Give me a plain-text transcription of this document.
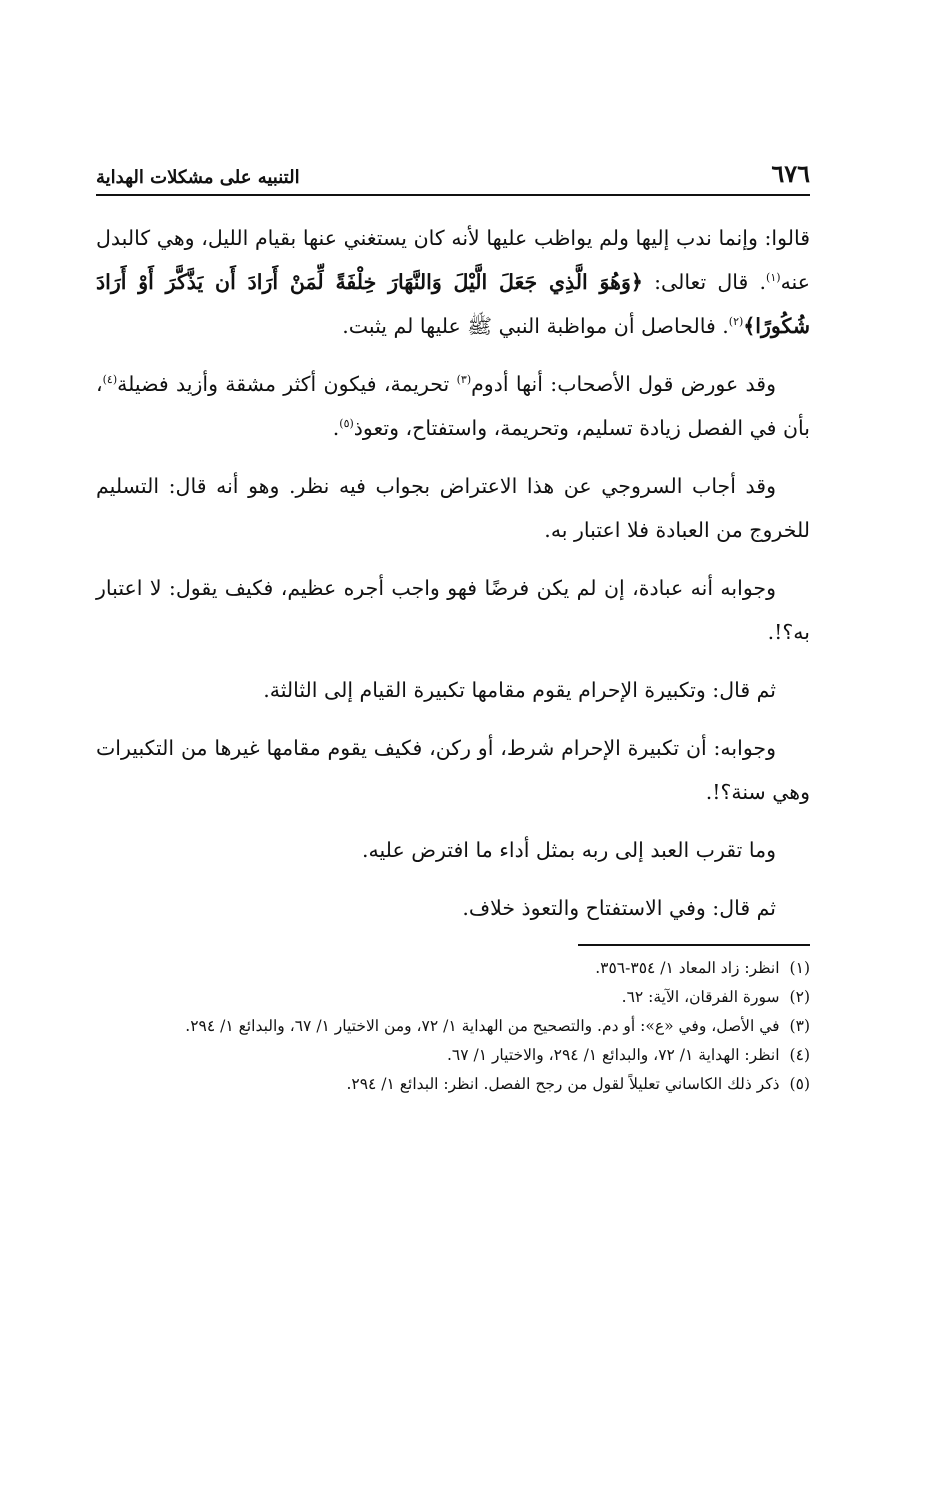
٦٧٦
التنبيه على مشكلات الهداية

قالوا: وإنما ندب إليها ولم يواظب عليها لأنه كان يستغني عنها بقيام الليل، وهي كالبدل عنه$^{(١)}$. قال تعالى: ﴿وَهُوَ الَّذِي جَعَلَ الَّيْلَ وَالنَّهَارَ خِلْفَةً لِّمَنْ أَرَادَ أَن يَذَّكَّرَ أَوْ أَرَادَ شُكُورًا﴾$^{(٢)}$. فالحاصل أن مواظبة النبي ﷺ عليها لم يثبت.

وقد عورض قول الأصحاب: أنها أدوم$^{(٣)}$ تحريمة، فيكون أكثر مشقة وأزيد فضيلة$^{(٤)}$، بأن في الفصل زيادة تسليم، وتحريمة، واستفتاح، وتعوذ$^{(٥)}$.

وقد أجاب السروجي عن هذا الاعتراض بجواب فيه نظر. وهو أنه قال: التسليم للخروج من العبادة فلا اعتبار به.

وجوابه أنه عبادة، إن لم يكن فرضًا فهو واجب أجره عظيم، فكيف يقول: لا اعتبار به؟!.

ثم قال: وتكبيرة الإحرام يقوم مقامها تكبيرة القيام إلى الثالثة.

وجوابه: أن تكبيرة الإحرام شرط، أو ركن، فكيف يقوم مقامها غيرها من التكبيرات وهي سنة؟!.

وما تقرب العبد إلى ربه بمثل أداء ما افترض عليه.

ثم قال: وفي الاستفتاح والتعوذ خلاف.

(١)
انظر: زاد المعاد ١/ ٣٥٤-٣٥٦.
(٢)
سورة الفرقان، الآية: ٦٢.
(٣)
في الأصل، وفي «ع»: أو دم. والتصحيح من الهداية ١/ ٧٢، ومن الاختيار ١/ ٦٧، والبدائع ١/ ٢٩٤.
(٤)
انظر: الهداية ١/ ٧٢، والبدائع ١/ ٢٩٤، والاختيار ١/ ٦٧.
(٥)
ذكر ذلك الكاساني تعليلاً لقول من رجح الفصل. انظر: البدائع ١/ ٢٩٤.
